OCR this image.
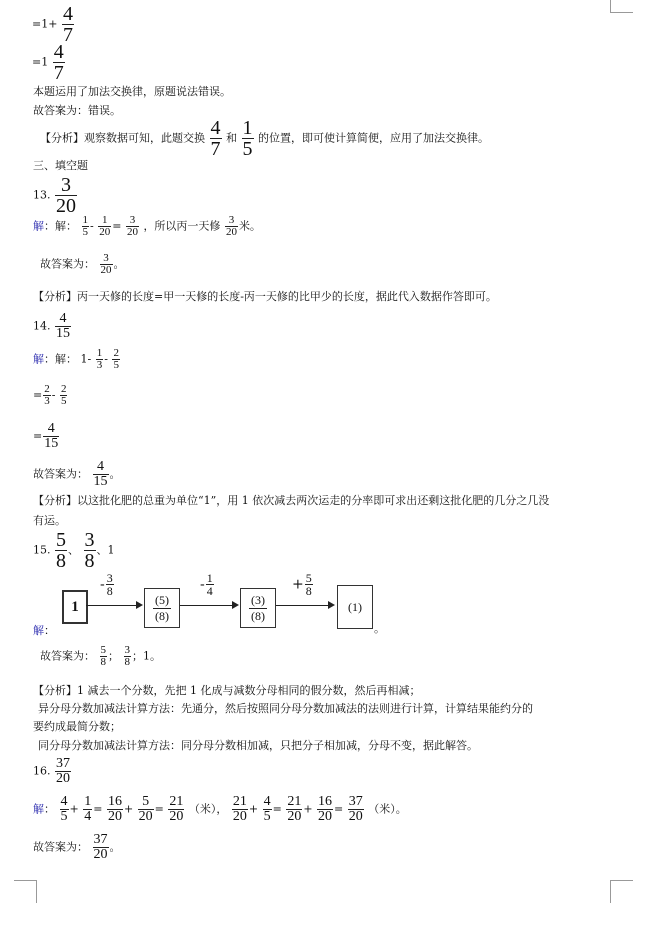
$=1+ \frac{4}{7}$
$=1 \frac{4}{7}$
本题运用了加法交换律，原题说法错误。
故答案为：错误。
【分析】观察数据可知，此题交换 $\frac{4}{7}$ 和 $\frac{1}{5}$ 的位置，即可使计算简便，应用了加法交换律。
三、填空题
13. $\frac{3}{20}$
解：解： $\frac{1}{5} - \frac{1}{20} = \frac{3}{20}$ ，所以丙一天修 $\frac{3}{20}$ 米。
故答案为： $\frac{3}{20}$ 。
【分析】丙一天修的长度=甲一天修的长度-丙一天修的比甲少的长度，据此代入数据作答即可。
14. $\frac{4}{15}$
解：解： $1- \frac{1}{3} - \frac{2}{5}$
= $\frac{2}{3} - \frac{2}{5}$
= $\frac{4}{15}$
故答案为： $\frac{4}{15}$ 。
【分析】以这批化肥的总重为单位“1”，用 1 依次减去两次运走的分率即可求出还剩这批化肥的几分之几没
有运。
15. $\frac{5}{8}$ 、 $\frac{3}{8}$ 、1
解：
1
- $\frac{3}{8}$
(5)
(8)
- $\frac{1}{4}$
(3)
(8)
+ $\frac{5}{8}$
(1)
。
故答案为： $\frac{5}{8}$ ； $\frac{3}{8}$ ；1。
【分析】1 减去一个分数，先把 1 化成与减数分母相同的假分数，然后再相减；
异分母分数加减法计算方法：先通分，然后按照同分母分数加减法的法则进行计算，计算结果能约分的
要约成最简分数；
同分母分数加减法计算方法：同分母分数相加减，只把分子相加减，分母不变，据此解答。
16. $\frac{37}{20}$
解： $\frac{4}{5} + \frac{1}{4} = \frac{16}{20} + \frac{5}{20} = \frac{21}{20}$ （米）， $\frac{21}{20} + \frac{4}{5} = \frac{21}{20} + \frac{16}{20} = \frac{37}{20}$ （米）。
故答案为： $\frac{37}{20}$ 。
